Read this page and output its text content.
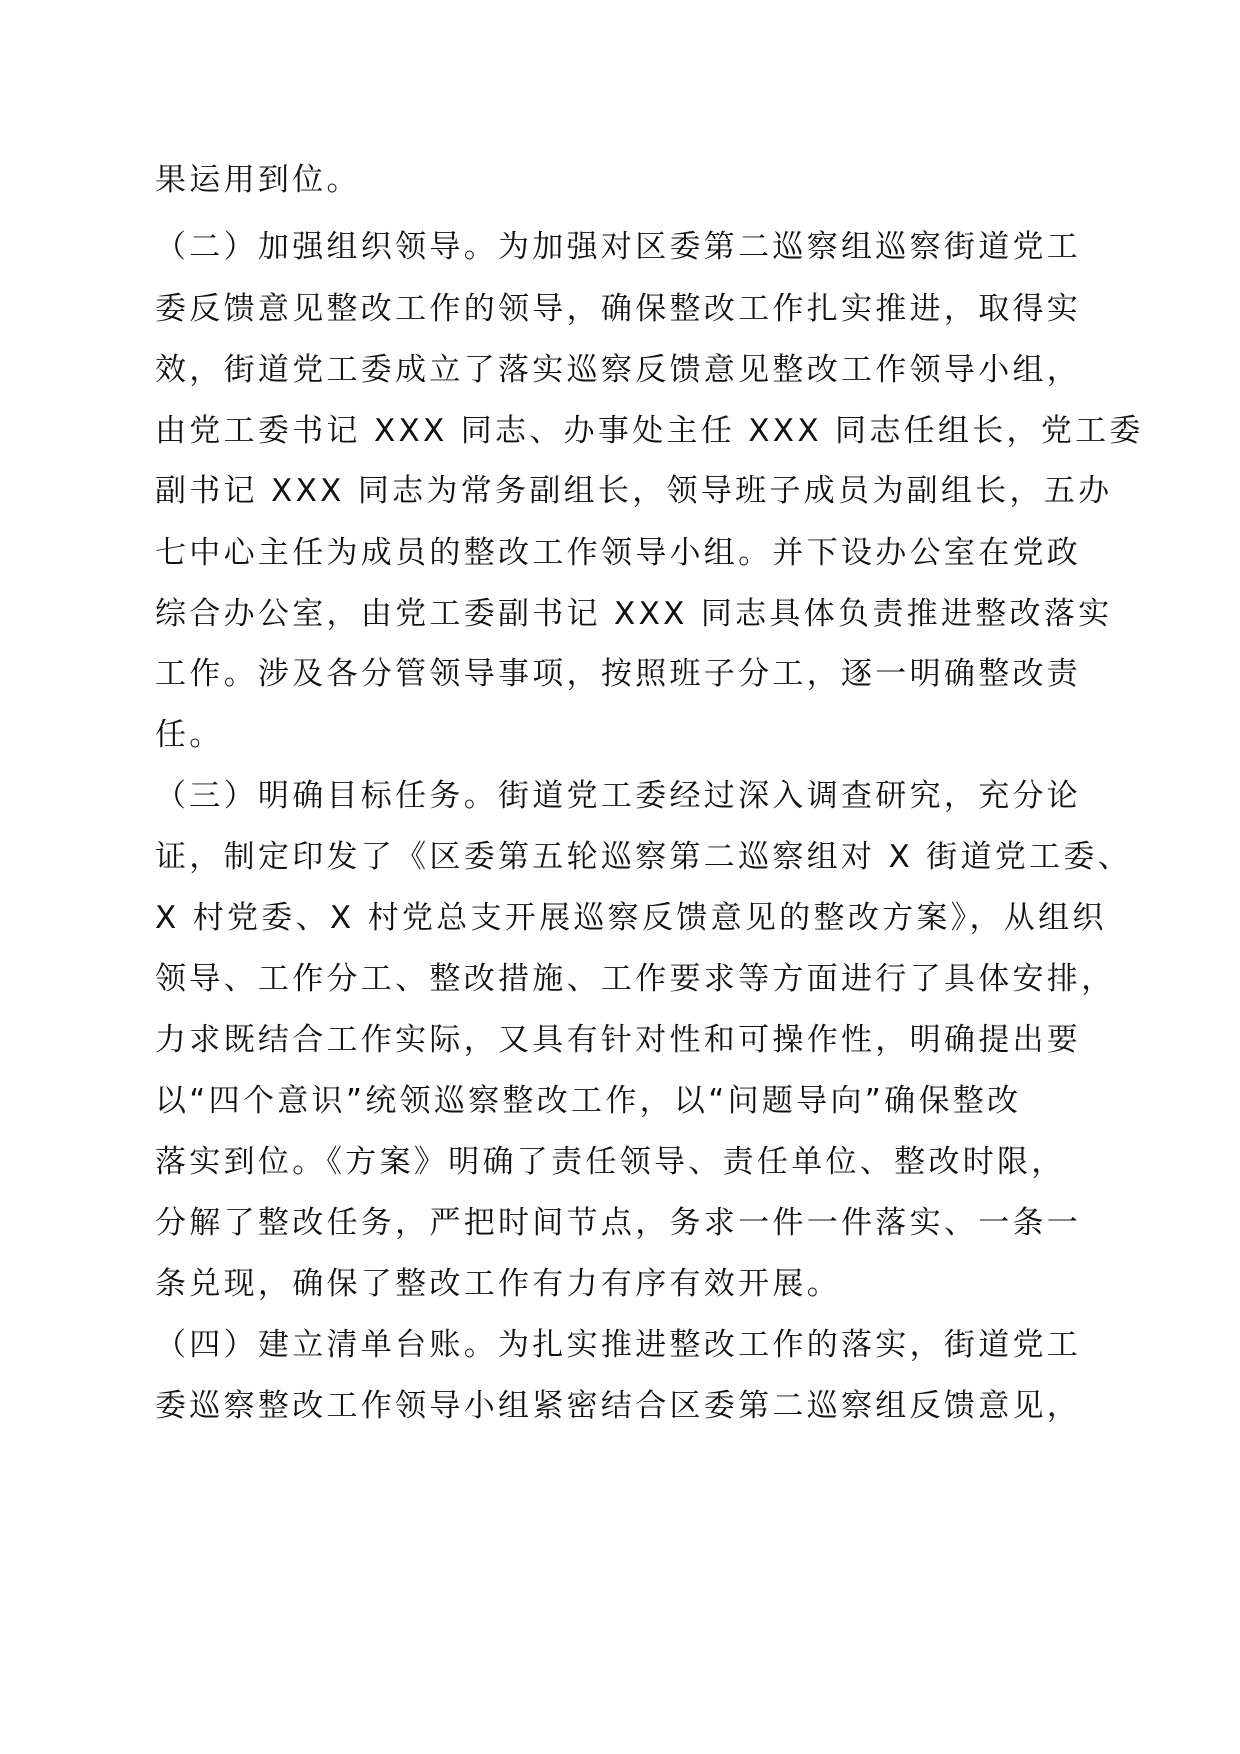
果运用到位。
（二）加强组织领导。为加强对区委第二巡察组巡察街道党工
委反馈意见整改工作的领导，确保整改工作扎实推进，取得实
效，街道党工委成立了落实巡察反馈意见整改工作领导小组，
由党工委书记 XXX 同志、办事处主任 XXX 同志任组长，党工委
副书记 XXX 同志为常务副组长，领导班子成员为副组长，五办
七中心主任为成员的整改工作领导小组。并下设办公室在党政
综合办公室，由党工委副书记 XXX 同志具体负责推进整改落实
工作。涉及各分管领导事项，按照班子分工，逐一明确整改责
任。
（三）明确目标任务。街道党工委经过深入调查研究，充分论
证，制定印发了《区委第五轮巡察第二巡察组对 X 街道党工委、
X 村党委、X 村党总支开展巡察反馈意见的整改方案》，从组织
领导、工作分工、整改措施、工作要求等方面进行了具体安排，
力求既结合工作实际，又具有针对性和可操作性，明确提出要
以“四个意识”统领巡察整改工作，以“问题导向”确保整改
落实到位。《方案》明确了责任领导、责任单位、整改时限，
分解了整改任务，严把时间节点，务求一件一件落实、一条一
条兑现，确保了整改工作有力有序有效开展。
（四）建立清单台账。为扎实推进整改工作的落实，街道党工
委巡察整改工作领导小组紧密结合区委第二巡察组反馈意见，
